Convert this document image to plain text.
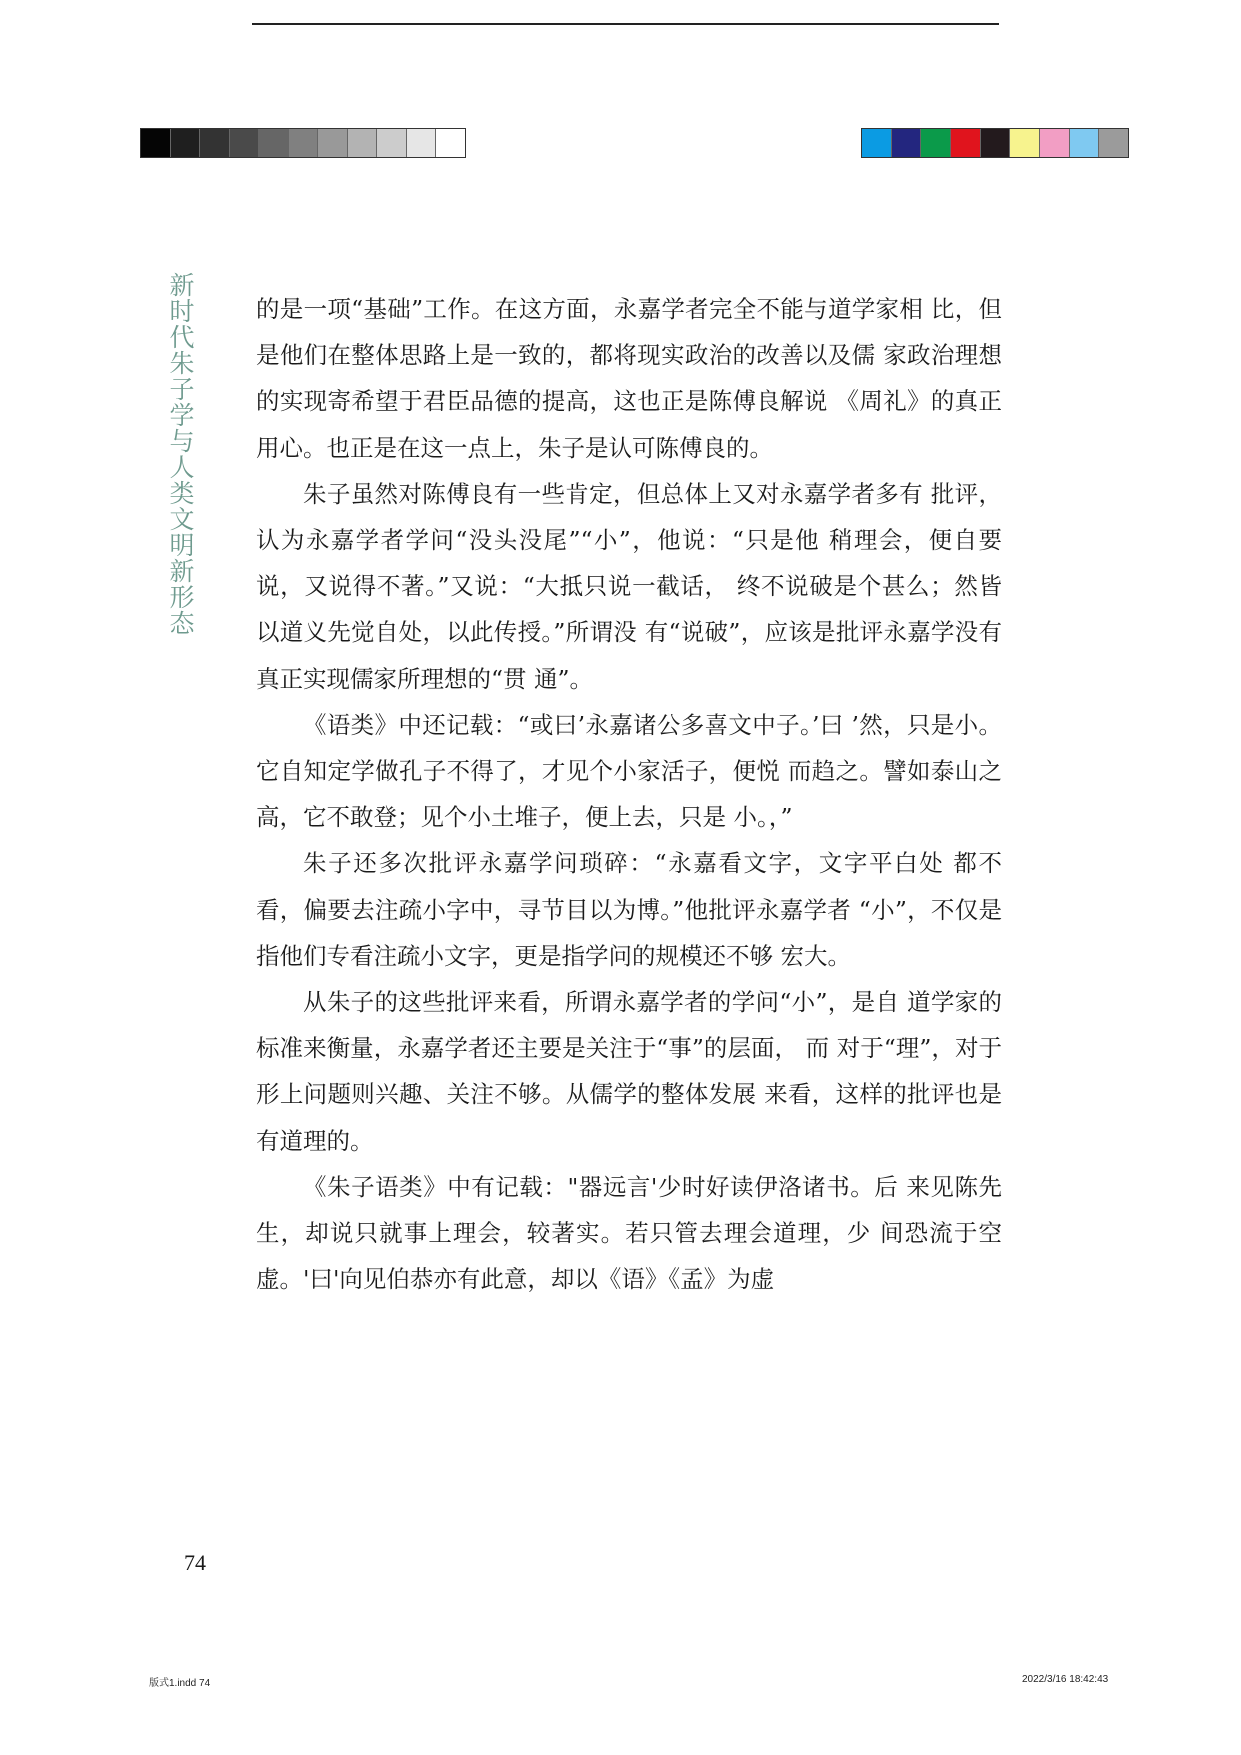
新时代朱子学与人类文明新形态	的是一项“基础”工作。在这方面，永嘉学者完全不能与道学家相 比，但是他们在整体思路上是一致的，都将现实政治的改善以及儒 家政治理想的实现寄希望于君臣品德的提高，这也正是陈傅良解说 《周礼》的真正用心。也正是在这一点上，朱子是认可陈傅良的。

朱子虽然对陈傅良有一些肯定，但总体上又对永嘉学者多有 批评，认为永嘉学者学问“没头没尾”“小”，他说：“只是他 稍理会，便自要说，又说得不著。”又说：“大抵只说一截话， 终不说破是个甚么；然皆以道义先觉自处，以此传授。”所谓没 有“说破”，应该是批评永嘉学没有真正实现儒家所理想的“贯 通”。

《语类》中还记载：“或曰’永嘉诸公多喜文中子。’曰 ’然，只是小。它自知定学做孔子不得了，才见个小家活子，便悦 而趋之。譬如泰山之高，它不敢登；见个小土堆子，便上去，只是 小。，”

朱子还多次批评永嘉学问琐碎：“永嘉看文字，文字平白处 都不看，偏要去注疏小字中，寻节目以为博。”他批评永嘉学者 “小”，不仅是指他们专看注疏小文字，更是指学问的规模还不够 宏大。

从朱子的这些批评来看，所谓永嘉学者的学问“小”，是自 道学家的标准来衡量，永嘉学者还主要是关注于“事”的层面， 而 对于“理”，对于形上问题则兴趣、关注不够。从儒学的整体发展 来看，这样的批评也是有道理的。

《朱子语类》中有记载："器远言'少时好读伊洛诸书。后 来见陈先生，却说只就事上理会，较著实。若只管去理会道理，少 间恐流于空虚。'曰'向见伯恭亦有此意，却以《语》《孟》为虚

74
版式1.indd 74	2022/3/16 18:42:43
